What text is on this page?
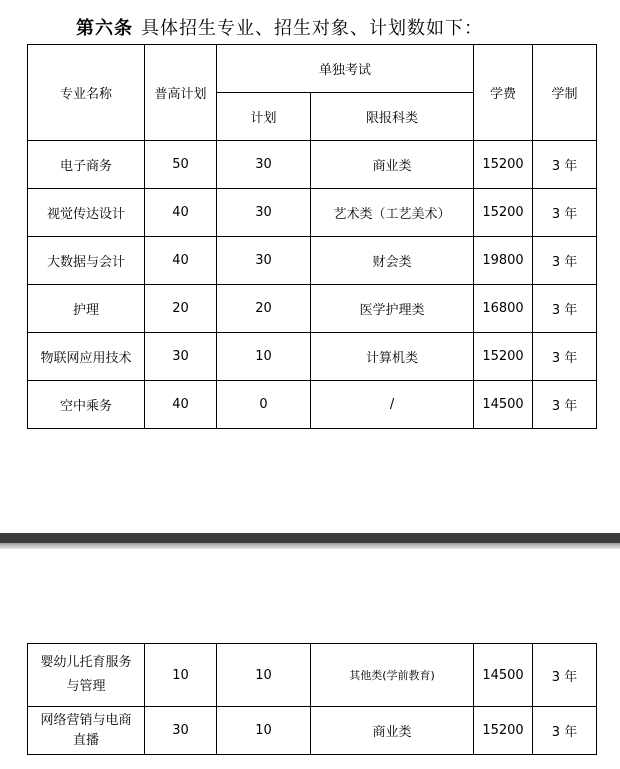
第六条 具体招生专业、招生对象、计划数如下：
专业名称	普高计划	单独考试		学费	学制
		计划	限报科类		
电子商务	50	30	商业类	15200	3 年
视觉传达设计	40	30	艺术类（工艺美术）	15200	3 年
大数据与会计	40	30	财会类	19800	3 年
护理	20	20	医学护理类	16800	3 年
物联网应用技术	30	10	计算机类	15200	3 年
空中乘务	40	0	/	14500	3 年
婴幼儿托育服务
与管理	10	10	其他类(学前教育)	14500	3 年

网络营销与电商
直播	30	10	商业类	15200	3 年
